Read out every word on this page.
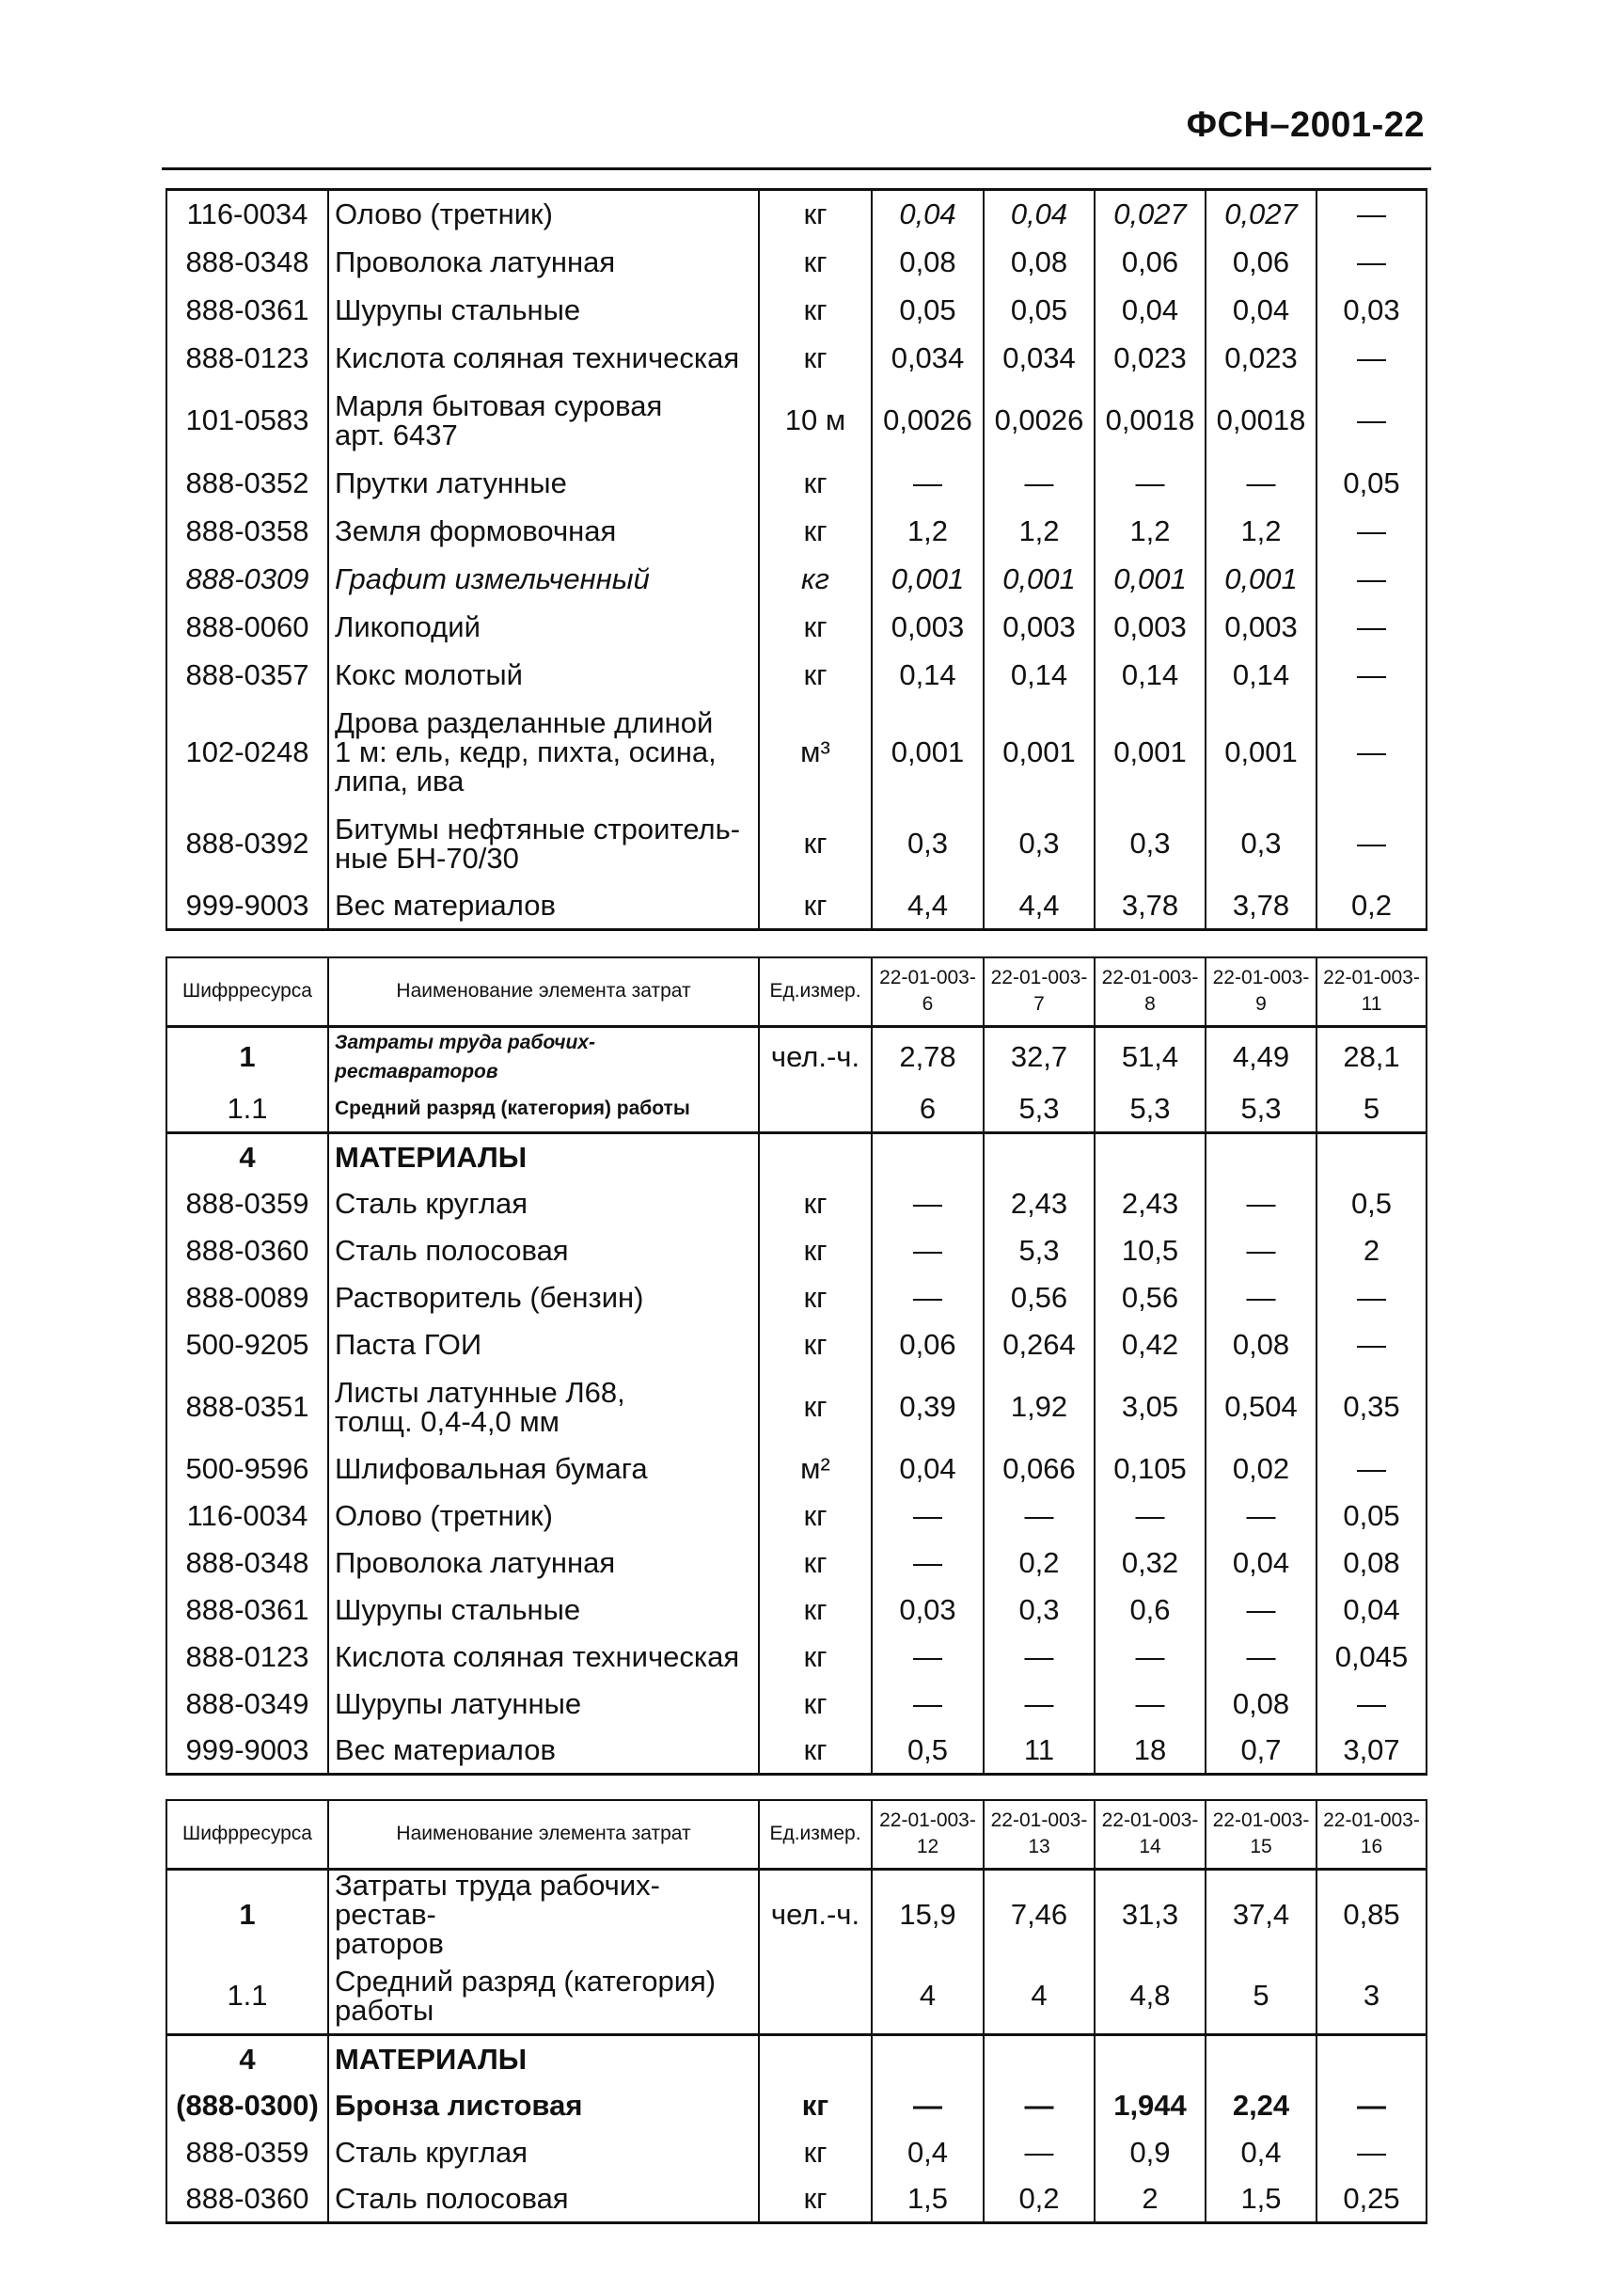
ФСН–2001-22
116-0034	Олово (третник)	кг	0,04	0,04	0,027	0,027	—
888-0348	Проволока латунная	кг	0,08	0,08	0,06	0,06	—
888-0361	Шурупы стальные	кг	0,05	0,05	0,04	0,04	0,03
888-0123	Кислота соляная техническая	кг	0,034	0,034	0,023	0,023	—
101-0583	Марля бытовая суровая
арт. 6437	10 м	0,0026	0,0026	0,0018	0,0018	—
888-0352	Прутки латунные	кг	—	—	—	—	0,05
888-0358	Земля формовочная	кг	1,2	1,2	1,2	1,2	—
888-0309	Графит измельченный	кг	0,001	0,001	0,001	0,001	—
888-0060	Ликоподий	кг	0,003	0,003	0,003	0,003	—
888-0357	Кокс молотый	кг	0,14	0,14	0,14	0,14	—
102-0248	Дрова разделанные длиной
1 м: ель, кедр, пихта, осина,
липа, ива	м³	0,001	0,001	0,001	0,001	—
888-0392	Битумы нефтяные строитель-
ные БН-70/30	кг	0,3	0,3	0,3	0,3	—
999-9003	Вес материалов	кг	4,4	4,4	3,78	3,78	0,2
Шифрресурса	Наименование элемента затрат	Ед.измер.	22-01-003-6	22-01-003-7	22-01-003-8	22-01-003-9	22-01-003-11
1	Затраты труда рабочих-реставраторов	чел.-ч.	2,78	32,7	51,4	4,49	28,1
1.1	Средний разряд (категория) работы		6	5,3	5,3	5,3	5
4	МАТЕРИАЛЫ						
888-0359	Сталь круглая	кг	—	2,43	2,43	—	0,5
888-0360	Сталь полосовая	кг	—	5,3	10,5	—	2
888-0089	Растворитель (бензин)	кг	—	0,56	0,56	—	—
500-9205	Паста ГОИ	кг	0,06	0,264	0,42	0,08	—
888-0351	Листы латунные Л68,
толщ. 0,4-4,0 мм	кг	0,39	1,92	3,05	0,504	0,35
500-9596	Шлифовальная бумага	м²	0,04	0,066	0,105	0,02	—
116-0034	Олово (третник)	кг	—	—	—	—	0,05
888-0348	Проволока латунная	кг	—	0,2	0,32	0,04	0,08
888-0361	Шурупы стальные	кг	0,03	0,3	0,6	—	0,04
888-0123	Кислота соляная техническая	кг	—	—	—	—	0,045
888-0349	Шурупы латунные	кг	—	—	—	0,08	—
999-9003	Вес материалов	кг	0,5	11	18	0,7	3,07
Шифрресурса	Наименование элемента затрат	Ед.измер.	22-01-003-12	22-01-003-13	22-01-003-14	22-01-003-15	22-01-003-16
1	Затраты труда рабочих-рестав-
раторов	чел.-ч.	15,9	7,46	31,3	37,4	0,85
1.1	Средний разряд (категория)
работы		4	4	4,8	5	3
4	МАТЕРИАЛЫ						
(888-0300)	Бронза листовая	кг	—	—	1,944	2,24	—
888-0359	Сталь круглая	кг	0,4	—	0,9	0,4	—
888-0360	Сталь полосовая	кг	1,5	0,2	2	1,5	0,25
